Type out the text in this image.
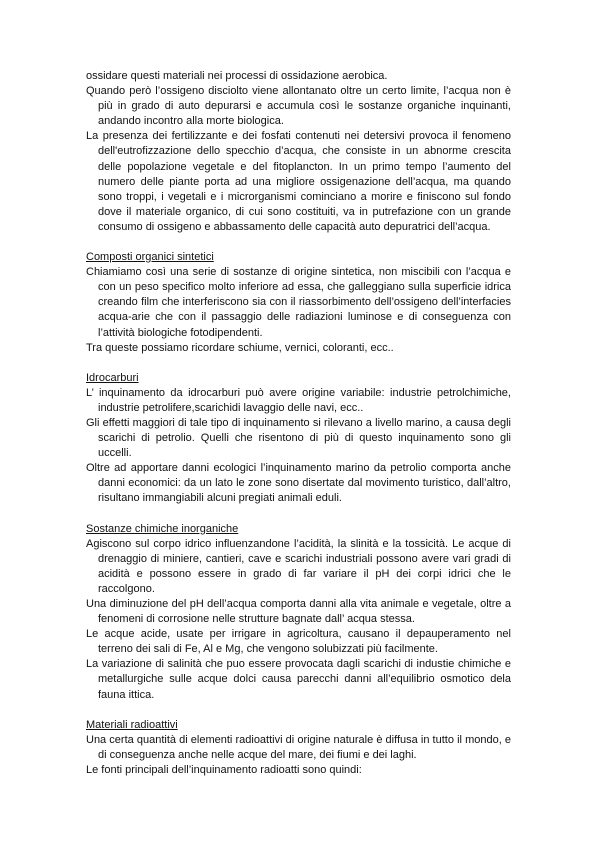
ossidare questi materiali nei processi di ossidazione aerobica.

Quando però l’ossigeno disciolto viene allontanato oltre un certo limite, l’acqua non è più in grado di auto depurarsi e accumula così le sostanze organiche inquinanti, andando incontro alla morte biologica.

La presenza dei fertilizzante e dei fosfati contenuti nei detersivi provoca il fenomeno dell'eutrofizzazione dello specchio d’acqua, che consiste in un abnorme crescita delle popolazione vegetale e del fitoplancton. In un primo tempo l’aumento del numero delle piante porta ad una migliore ossigenazione dell’acqua, ma quando sono troppi, i vegetali e i microrganismi cominciano a morire e finiscono sul fondo dove il materiale organico, di cui sono costituiti, va in putrefazione con un grande consumo di ossigeno e abbassamento delle capacità auto depuratrici dell’acqua.

Composti organici sintetici

Chiamiamo così una serie di sostanze di origine sintetica, non miscibili con l’acqua e con un peso specifico molto inferiore ad essa, che galleggiano sulla superficie idrica creando film che interferiscono sia con il riassorbimento dell’ossigeno dell’interfacies acqua-arie che con il passaggio delle radiazioni luminose e di conseguenza con l’attività biologiche fotodipendenti.

Tra queste possiamo ricordare schiume, vernici, coloranti, ecc..

Idrocarburi

L’ inquinamento da idrocarburi può avere origine variabile: industrie petrolchimiche, industrie petrolifere,scarichidi lavaggio delle navi, ecc..

Gli effetti maggiori di tale tipo di inquinamento si rilevano a livello marino, a causa degli scarichi di petrolio. Quelli che risentono di più di questo inquinamento sono gli uccelli.

Oltre ad apportare danni ecologici l’inquinamento marino da petrolio comporta anche danni economici: da un lato le zone sono disertate dal movimento turistico, dall’altro, risultano immangiabili alcuni pregiati animali eduli.

Sostanze chimiche inorganiche

Agiscono sul corpo idrico influenzandone l’acidità, la slinità e la tossicità. Le acque di drenaggio di miniere, cantieri, cave e scarichi industriali possono avere vari gradi di acidità e possono essere in grado di far variare il pH dei corpi idrici che le raccolgono.

Una diminuzione del pH dell’acqua comporta danni alla vita animale e vegetale, oltre a fenomeni di corrosione nelle strutture bagnate dall’ acqua stessa.

Le acque acide, usate per irrigare in agricoltura, causano il depauperamento nel terreno dei sali di Fe, Al e Mg, che vengono solubizzati più facilmente.

La variazione di salinità che puo essere provocata dagli scarichi di industie chimiche e metallurgiche sulle acque dolci causa parecchi danni all’equilibrio osmotico dela fauna ittica.

Materiali radioattivi

Una certa quantità di elementi radioattivi di origine naturale è diffusa in tutto il mondo, e di conseguenza anche nelle acque del mare, dei fiumi e dei laghi.

Le fonti principali dell’inquinamento radioatti sono quindi:
